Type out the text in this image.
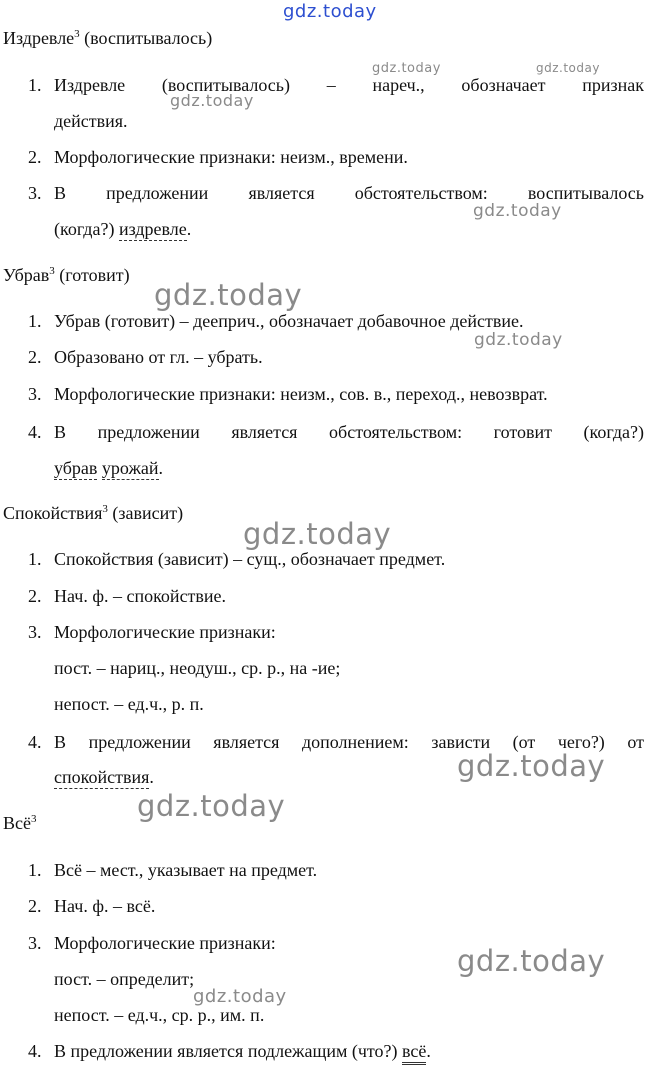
gdz.today
Издревле$^3$ (воспитывалось)
1. Издревле (воспитывалось) – нареч., обозначает признак
действия.
2. Морфологические признаки: неизм., времени.
3. В предложении является обстоятельством: воспитывалось
(когда?) издревле.
Убрав$^3$ (готовит)
1. Убрав (готовит) – дееприч., обозначает добавочное действие.
2. Образовано от гл. – убрать.
3. Морфологические признаки: неизм., сов. в., переход., невозврат.
4. В предложении является обстоятельством: готовит (когда?)
убрав урожай.
Спокойствия$^3$ (зависит)
1. Спокойствия (зависит) – сущ., обозначает предмет.
2. Нач. ф. – спокойствие.
3. Морфологические признаки:
пост. – нариц., неодуш., ср. р., на -ие;
непост. – ед.ч., р. п.
4. В предложении является дополнением: зависти (от чего?) от
спокойствия.
Всё$^3$
1. Всё – мест., указывает на предмет.
2. Нач. ф. – всё.
3. Морфологические признаки:
пост. – определит;
непост. – ед.ч., ср. р., им. п.
4. В предложении является подлежащим (что?) всё.
gdz.today	gdz.today
gdz.today
gdz.today
gdz.today
gdz.today
gdz.today
gdz.today
gdz.today
gdz.today
gdz.today
